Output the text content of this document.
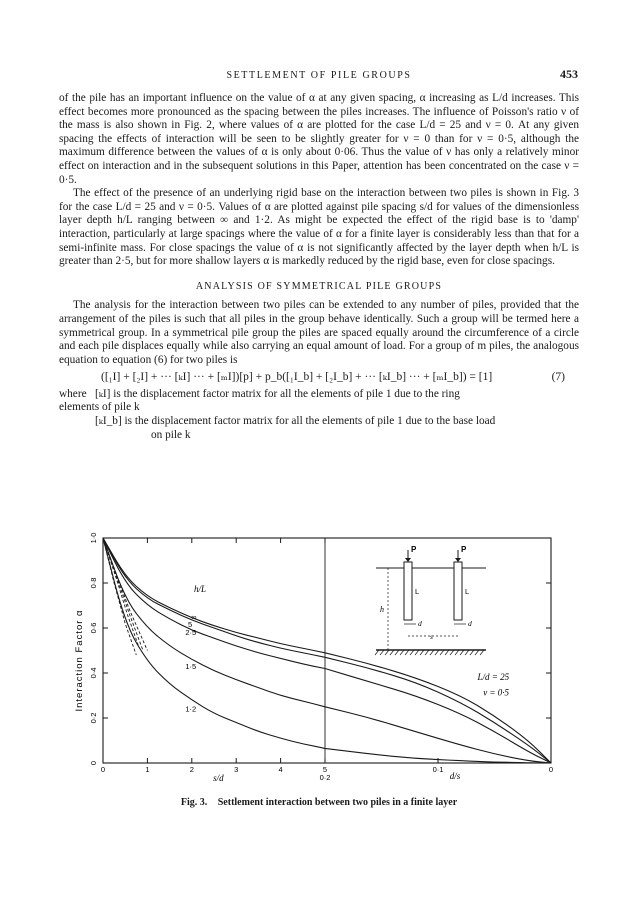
SETTLEMENT OF PILE GROUPS	453

of the pile has an important influence on the value of α at any given spacing, α increasing as L/d increases. This effect becomes more pronounced as the spacing between the piles increases. The influence of Poisson's ratio ν of the mass is also shown in Fig. 2, where values of α are plotted for the case L/d = 25 and ν = 0. At any given spacing the effects of interaction will be seen to be slightly greater for ν = 0 than for ν = 0·5, although the maximum difference between the values of α is only about 0·06. Thus the value of ν has only a relatively minor effect on interaction and in the subsequent solutions in this Paper, attention has been concentrated on the case ν = 0·5.

The effect of the presence of an underlying rigid base on the interaction between two piles is shown in Fig. 3 for the case L/d = 25 and ν = 0·5. Values of α are plotted against pile spacing s/d for values of the dimensionless layer depth h/L ranging between ∞ and 1·2. As might be expected the effect of the rigid base is to 'damp' interaction, particularly at large spacings where the value of α for a finite layer is considerably less than that for a semi-infinite mass. For close spacings the value of α is not significantly affected by the layer depth when h/L is greater than 2·5, but for more shallow layers α is markedly reduced by the rigid base, even for close spacings.

ANALYSIS OF SYMMETRICAL PILE GROUPS

The analysis for the interaction between two piles can be extended to any number of piles, provided that the arrangement of the piles is such that all piles in the group behave identically. Such a group will be termed here a symmetrical group. In a symmetrical pile group the piles are spaced equally around the circumference of a circle and each pile displaces equally while also carrying an equal amount of load. For a group of m piles, the analogous equation to equation (6) for two piles is

([₁I] + [₂I] + ··· [ₖI] ··· + [ₘI])[p] + p_b([₁I_b] + [₂I_b] + ··· [ₖI_b] ··· + [ₘI_b]) = [1]	(7)
where [ₖI] is the displacement factor matrix for all the elements of pile 1 due to the ring
elements of pile k
[ₖI_b] is the displacement factor matrix for all the elements of pile 1 due to the base load
on pile k
0
0·2
0·4
0·6
0·8
1·0
Interaction Factor α
0	1	2	3	4	5
0·2
0·1	0
s/d	d/s
∞
5
2·5
1·5
1·2
h/L
L/d = 25
ν = 0·5
P
L
d
P
L
d
h
s
Fig. 3. Settlement interaction between two piles in a finite layer
